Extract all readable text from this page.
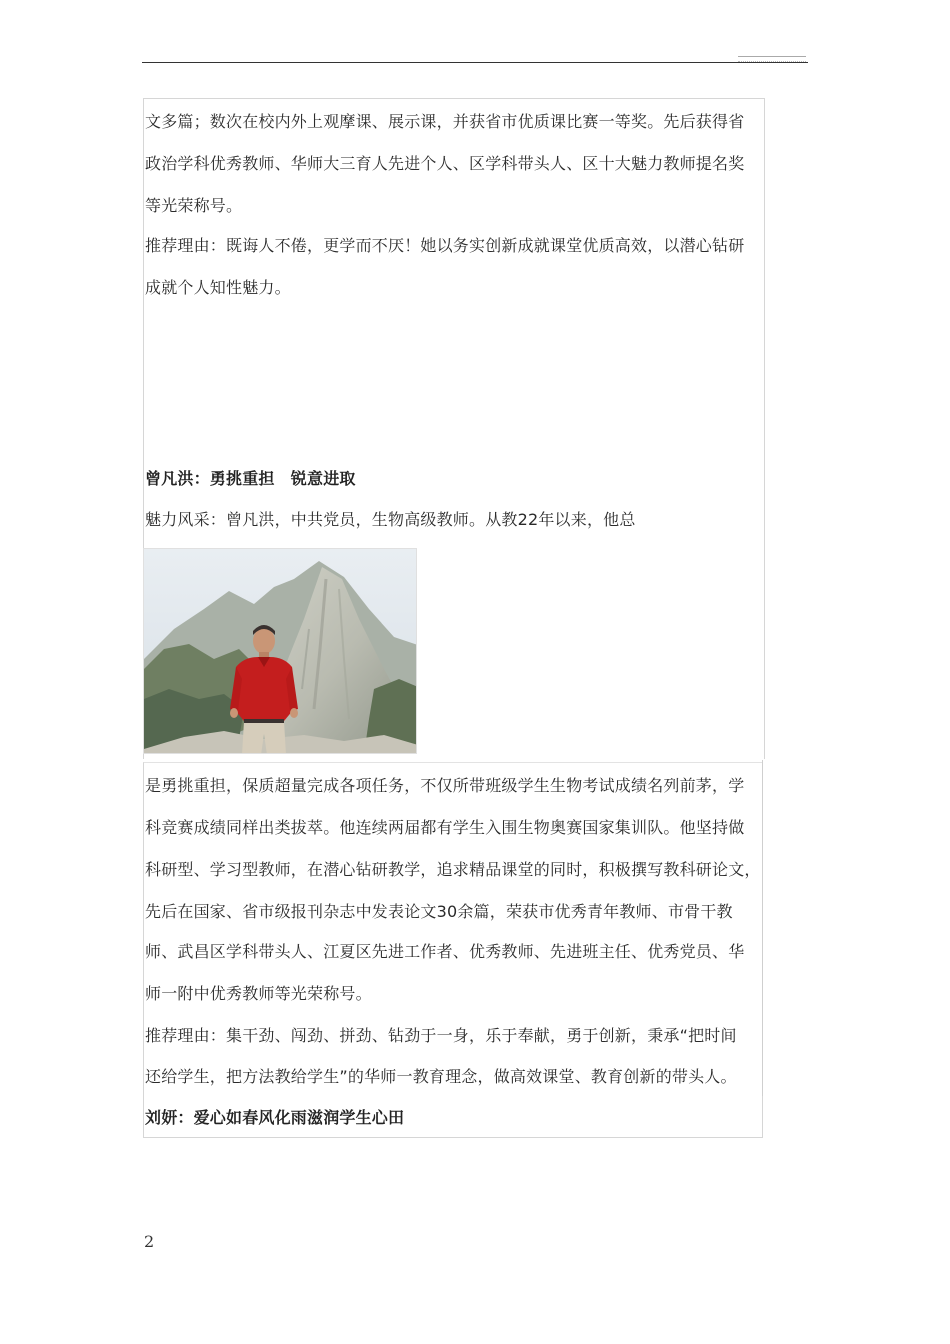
文多篇；数次在校内外上观摩课、展示课，并获省市优质课比赛一等奖。先后获得省
政治学科优秀教师、华师大三育人先进个人、区学科带头人、区十大魅力教师提名奖
等光荣称号。
推荐理由：既诲人不倦，更学而不厌！她以务实创新成就课堂优质高效，以潜心钻研
成就个人知性魅力。
曾凡洪：勇挑重担　锐意进取
魅力风采：曾凡洪，中共党员，生物高级教师。从教22年以来，他总
是勇挑重担，保质超量完成各项任务，不仅所带班级学生生物考试成绩名列前茅，学
科竞赛成绩同样出类拔萃。他连续两届都有学生入围生物奥赛国家集训队。他坚持做
科研型、学习型教师，在潜心钻研教学，追求精品课堂的同时，积极撰写教科研论文，
先后在国家、省市级报刊杂志中发表论文30余篇，荣获市优秀青年教师、市骨干教
师、武昌区学科带头人、江夏区先进工作者、优秀教师、先进班主任、优秀党员、华
师一附中优秀教师等光荣称号。
推荐理由：集干劲、闯劲、拼劲、钻劲于一身，乐于奉献，勇于创新，秉承“把时间
还给学生，把方法教给学生”的华师一教育理念，做高效课堂、教育创新的带头人。
刘妍：爱心如春风化雨滋润学生心田
2
